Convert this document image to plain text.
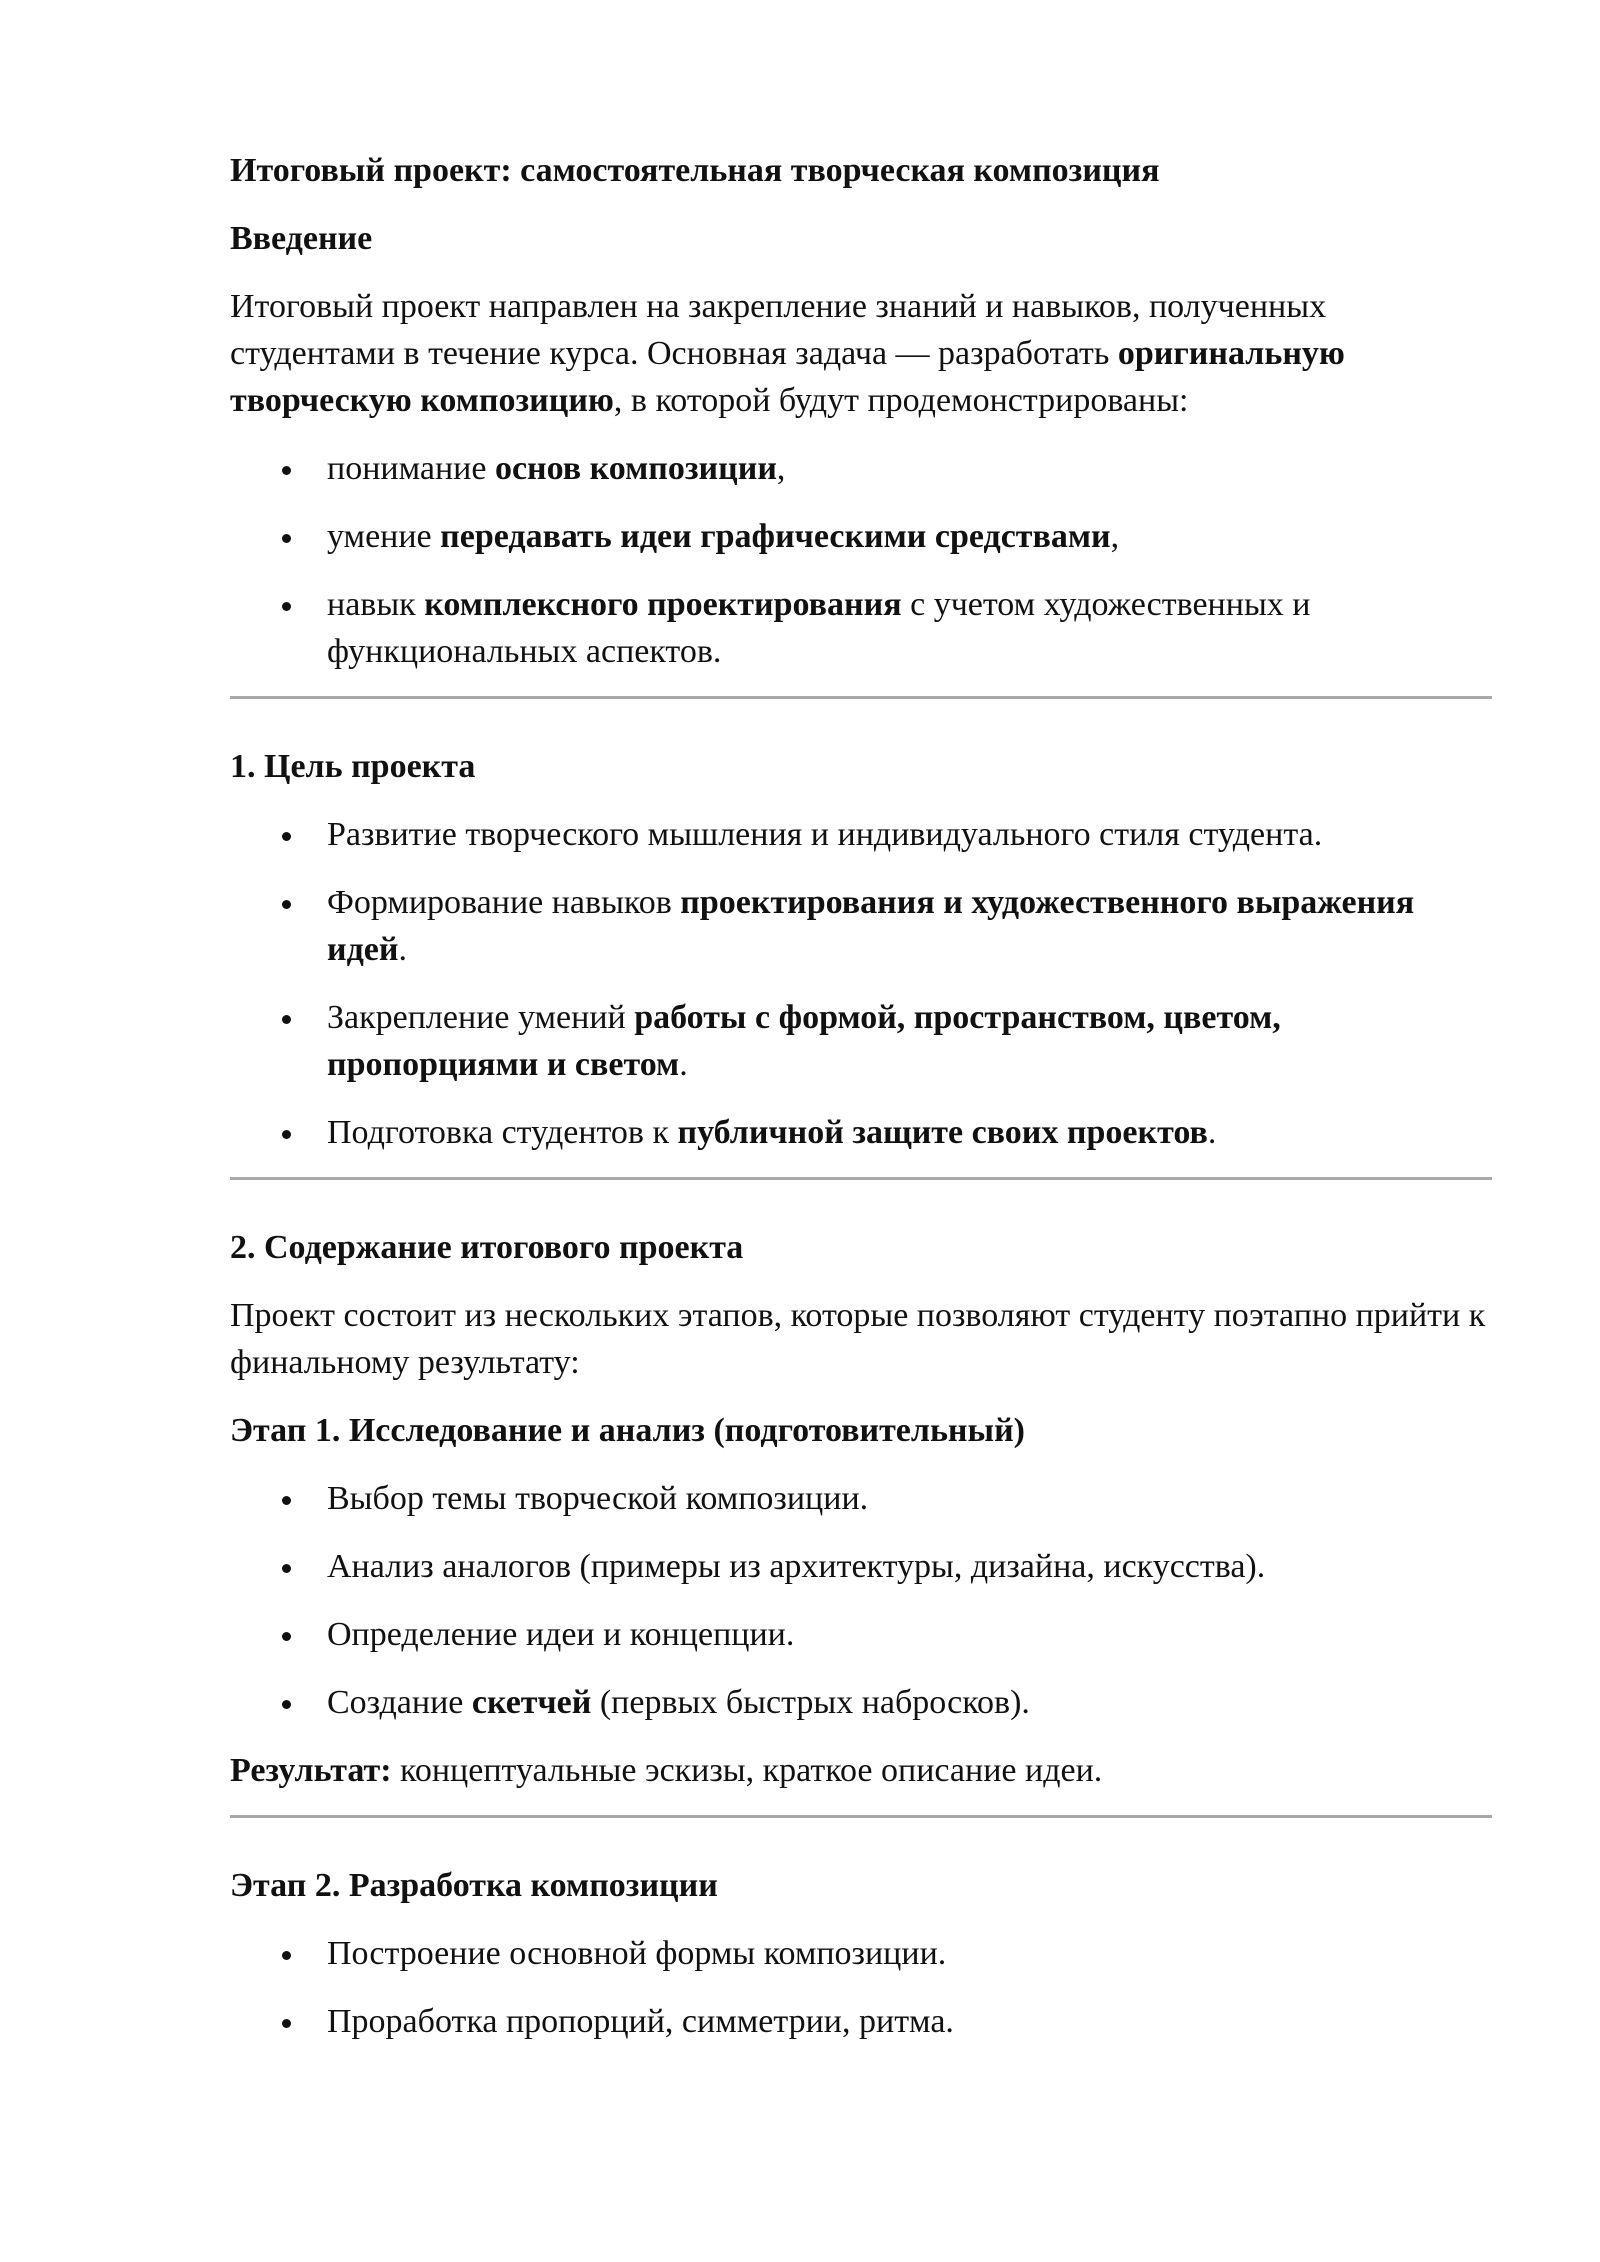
Итоговый проект: самостоятельная творческая композиция
Введение

Итоговый проект направлен на закрепление знаний и навыков, полученных студентами в течение курса. Основная задача — разработать оригинальную творческую композицию, в которой будут продемонстрированы:

понимание основ композиции,
умение передавать идеи графическими средствами,
навык комплексного проектирования с учетом художественных и функциональных аспектов.
1. Цель проекта
Развитие творческого мышления и индивидуального стиля студента.
Формирование навыков проектирования и художественного выражения идей.
Закрепление умений работы с формой, пространством, цветом, пропорциями и светом.
Подготовка студентов к публичной защите своих проектов.
2. Содержание итогового проекта

Проект состоит из нескольких этапов, которые позволяют студенту поэтапно прийти к финальному результату:

Этап 1. Исследование и анализ (подготовительный)
Выбор темы творческой композиции.
Анализ аналогов (примеры из архитектуры, дизайна, искусства).
Определение идеи и концепции.
Создание скетчей (первых быстрых набросков).

Результат: концептуальные эскизы, краткое описание идеи.

Этап 2. Разработка композиции
Построение основной формы композиции.
Проработка пропорций, симметрии, ритма.
